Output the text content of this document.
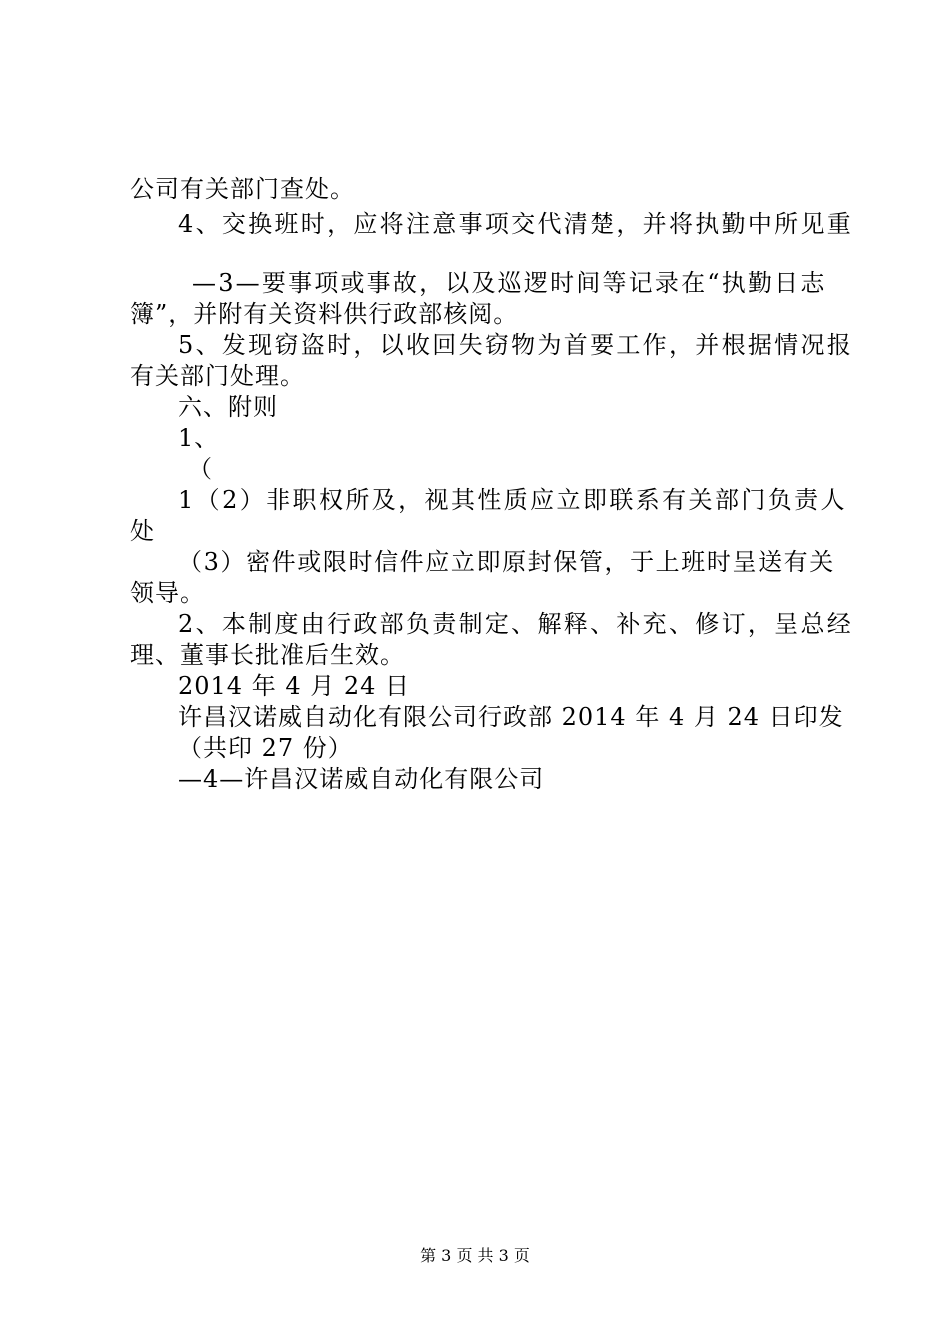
公司有关部门查处。
4、交换班时，应将注意事项交代清楚，并将执勤中所见重
—3—要事项或事故，以及巡逻时间等记录在“执勤日志
簿”，并附有关资料供行政部核阅。
5、发现窃盗时，以收回失窃物为首要工作，并根据情况报
有关部门处理。
六、附则
1、
（
1（2）非职权所及，视其性质应立即联系有关部门负责人
处
（3）密件或限时信件应立即原封保管，于上班时呈送有关
领导。
2、本制度由行政部负责制定、解释、补充、修订，呈总经
理、董事长批准后生效。
2014 年 4 月 24 日
许昌汉诺威自动化有限公司行政部 2014 年 4 月 24 日印发
（共印 27 份）
—4—许昌汉诺威自动化有限公司
第 3 页 共 3 页
